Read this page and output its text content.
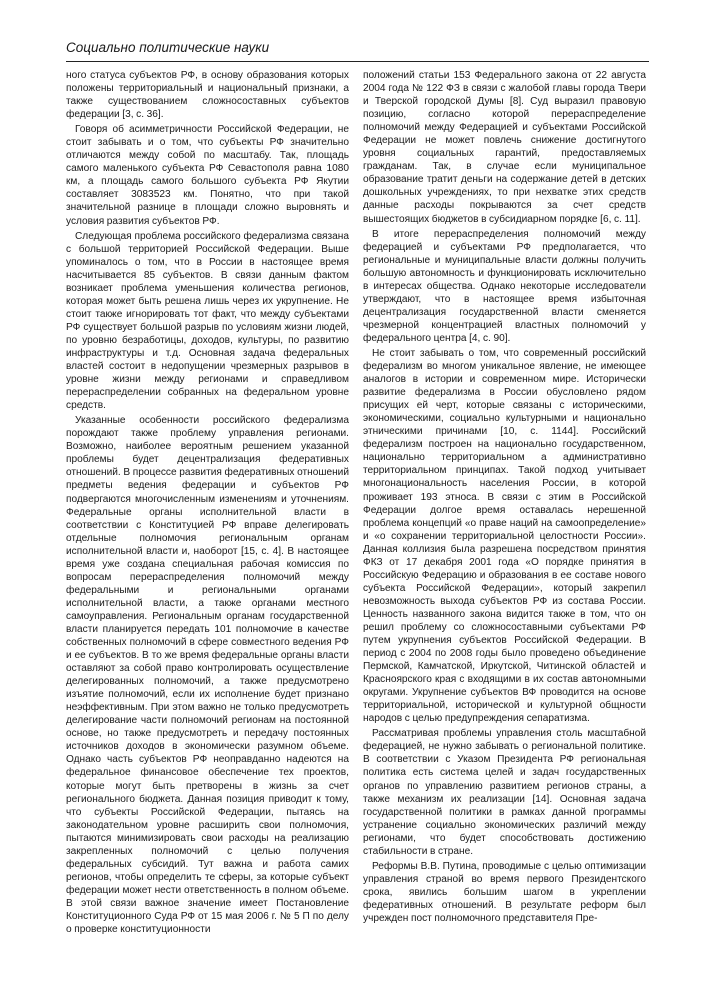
Социально политические науки

ного статуса субъектов РФ, в основу образования которых положены территориальный и национальный признаки, а также существованием сложносоставных субъектов федерации [3, с. 36].

Говоря об асимметричности Российской Федерации, не стоит забывать и о том, что субъекты РФ значительно отличаются между собой по масштабу. Так, площадь самого маленького субъекта РФ Севастополя равна 1080 км, а площадь самого большого субъекта РФ Якутии составляет 3083523 км. Понятно, что при такой значительной разнице в площади сложно выровнять и условия развития субъектов РФ.

Следующая проблема российского федерализма связана с большой территорией Российской Федерации. Выше упоминалось о том, что в России в настоящее время насчитывается 85 субъектов. В связи данным фактом возникает проблема уменьшения количества регионов, которая может быть решена лишь через их укрупнение. Не стоит также игнорировать тот факт, что между субъектами РФ существует большой разрыв по условиям жизни людей, по уровню безработицы, доходов, культуры, по развитию инфраструктуры и т.д. Основная задача федеральных властей состоит в недопущении чрезмерных разрывов в уровне жизни между регионами и справедливом перераспределении собранных на федеральном уровне средств.

Указанные особенности российского федерализма порождают также проблему управления регионами. Возможно, наиболее вероятным решением указанной проблемы будет децентрализация федеративных отношений. В процессе развития федеративных отношений предметы ведения федерации и субъектов РФ подвергаются многочисленным изменениям и уточнениям. Федеральные органы исполнительной власти в соответствии с Конституцией РФ вправе делегировать отдельные полномочия региональным органам исполнительной власти и, наоборот [15, с. 4]. В настоящее время уже создана специальная рабочая комиссия по вопросам перераспределения полномочий между федеральными и региональными органами исполнительной власти, а также органами местного самоуправления. Региональным органам государственной власти планируется передать 101 полномочие в качестве собственных полномочий в сфере совместного ведения РФ и ее субъектов. В то же время федеральные органы власти оставляют за собой право контролировать осуществление делегированных полномочий, а также предусмотрено изъятие полномочий, если их исполнение будет признано неэффективным. При этом важно не только предусмотреть делегирование части полномочий регионам на постоянной основе, но также предусмотреть и передачу постоянных источников доходов в экономически разумном объеме. Однако часть субъектов РФ неоправданно надеются на федеральное финансовое обеспечение тех проектов, которые могут быть претворены в жизнь за счет регионального бюджета. Данная позиция приводит к тому, что субъекты Российской Федерации, пытаясь на законодательном уровне расширить свои полномочия, пытаются минимизировать свои расходы на реализацию закрепленных полномочий с целью получения федеральных субсидий. Тут важна и работа самих регионов, чтобы определить те сферы, за которые субъект федерации может нести ответственность в полном объеме. В этой связи важное значение имеет Постановление Конституционного Суда РФ от 15 мая 2006 г. № 5 П по делу о проверке конституционности

положений статьи 153 Федерального закона от 22 августа 2004 года № 122 ФЗ в связи с жалобой главы города Твери и Тверской городской Думы [8]. Суд выразил правовую позицию, согласно которой перераспределение полномочий между Федерацией и субъектами Российской Федерации не может повлечь снижение достигнутого уровня социальных гарантий, предоставляемых гражданам. Так, в случае если муниципальное образование тратит деньги на содержание детей в детских дошкольных учреждениях, то при нехватке этих средств данные расходы покрываются за счет средств вышестоящих бюджетов в субсидиарном порядке [6, с. 11].

В итоге перераспределения полномочий между федерацией и субъектами РФ предполагается, что региональные и муниципальные власти должны получить большую автономность и функционировать исключительно в интересах общества. Однако некоторые исследователи утверждают, что в настоящее время избыточная децентрализация государственной власти сменяется чрезмерной концентрацией властных полномочий у федерального центра [4, с. 90].

Не стоит забывать о том, что современный российский федерализм во многом уникальное явление, не имеющее аналогов в истории и современном мире. Исторически развитие федерализма в России обусловлено рядом присущих ей черт, которые связаны с историческими, экономическими, социально культурными и национально этническими причинами [10, с. 1144]. Российский федерализм построен на национально государственном, национально территориальном а административно территориальном принципах. Такой подход учитывает многонациональность населения России, в которой проживает 193 этноса. В связи с этим в Российской Федерации долгое время оставалась нерешенной проблема концепций «о праве наций на самоопределение» и «о сохранении территориальной целостности России». Данная коллизия была разрешена посредством принятия ФКЗ от 17 декабря 2001 года «О порядке принятия в Российскую Федерацию и образования в ее составе нового субъекта Российской Федерации», который закрепил невозможность выхода субъектов РФ из состава России. Ценность названного закона видится также в том, что он решил проблему со сложносоставными субъектами РФ путем укрупнения субъектов Российской Федерации. В период с 2004 по 2008 годы было проведено объединение Пермской, Камчатской, Иркутской, Читинской областей и Красноярского края с входящими в их состав автономными округами. Укрупнение субъектов ВФ проводится на основе территориальной, исторической и культурной общности народов с целью предупреждения сепаратизма.

Рассматривая проблемы управления столь масштабной федерацией, не нужно забывать о региональной политике. В соответствии с Указом Президента РФ региональная политика есть система целей и задач государственных органов по управлению развитием регионов страны, а также механизм их реализации [14]. Основная задача государственной политики в рамках данной программы устранение социально экономических различий между регионами, что будет способствовать достижению стабильности в стране.

Реформы В.В. Путина, проводимые с целью оптимизации управления страной во время первого Президентского срока, явились большим шагом в укреплении федеративных отношений. В результате реформ был учрежден пост полномочного представителя Пре-
